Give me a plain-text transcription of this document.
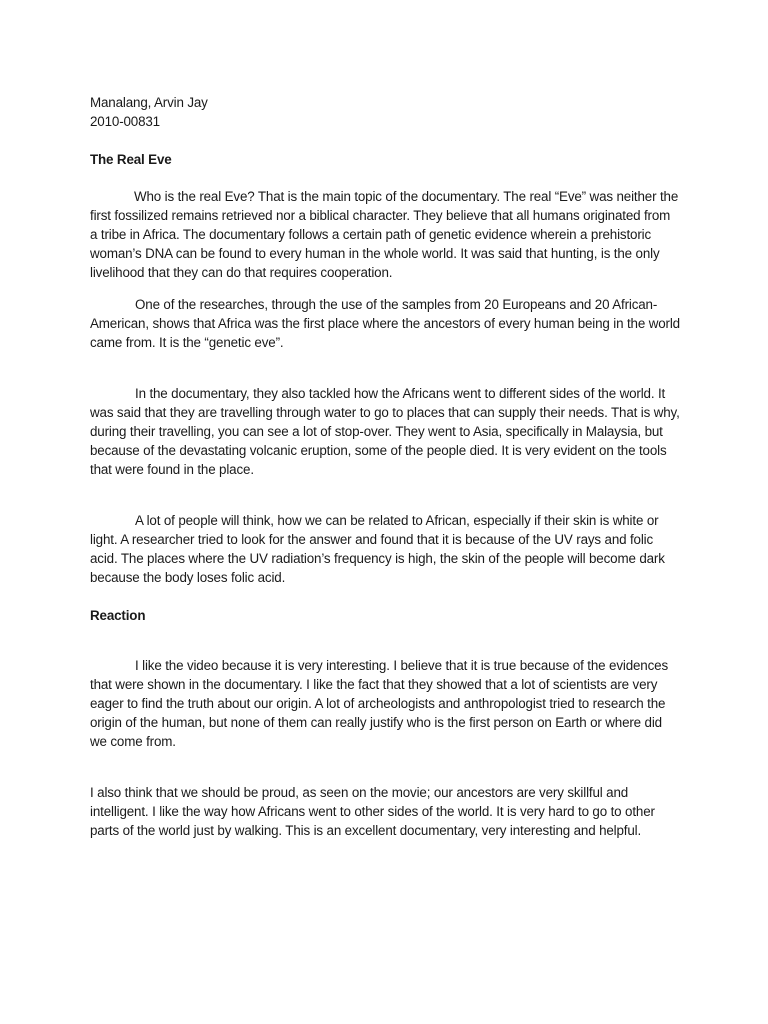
Manalang, Arvin Jay
2010-00831
The Real Eve
Who is the real Eve? That is the main topic of the documentary. The real “Eve” was neither the first fossilized remains retrieved nor a biblical character. They believe that all humans originated from a tribe in Africa. The documentary follows a certain path of genetic evidence wherein a prehistoric woman’s DNA can be found to every human in the whole world. It was said that hunting, is the only livelihood that they can do that requires cooperation.
One of the researches, through the use of the samples from 20 Europeans and 20 African-American, shows that Africa was the first place where the ancestors of every human being in the world came from. It is the “genetic eve”.
In the documentary, they also tackled how the Africans went to different sides of the world. It was said that they are travelling through water to go to places that can supply their needs. That is why, during their travelling, you can see a lot of stop-over. They went to Asia, specifically in Malaysia, but because of the devastating volcanic eruption, some of the people died. It is very evident on the tools that were found in the place.
A lot of people will think, how we can be related to African, especially if their skin is white or light. A researcher tried to look for the answer and found that it is because of the UV rays and folic acid. The places where the UV radiation’s frequency is high, the skin of the people will become dark because the body loses folic acid.
Reaction
I like the video because it is very interesting. I believe that it is true because of the evidences that were shown in the documentary. I like the fact that they showed that a lot of scientists are very eager to find the truth about our origin. A lot of archeologists and anthropologist tried to research the origin of the human, but none of them can really justify who is the first person on Earth or where did we come from.
I also think that we should be proud, as seen on the movie; our ancestors are very skillful and intelligent. I like the way how Africans went to other sides of the world. It is very hard to go to other parts of the world just by walking. This is an excellent documentary, very interesting and helpful.
